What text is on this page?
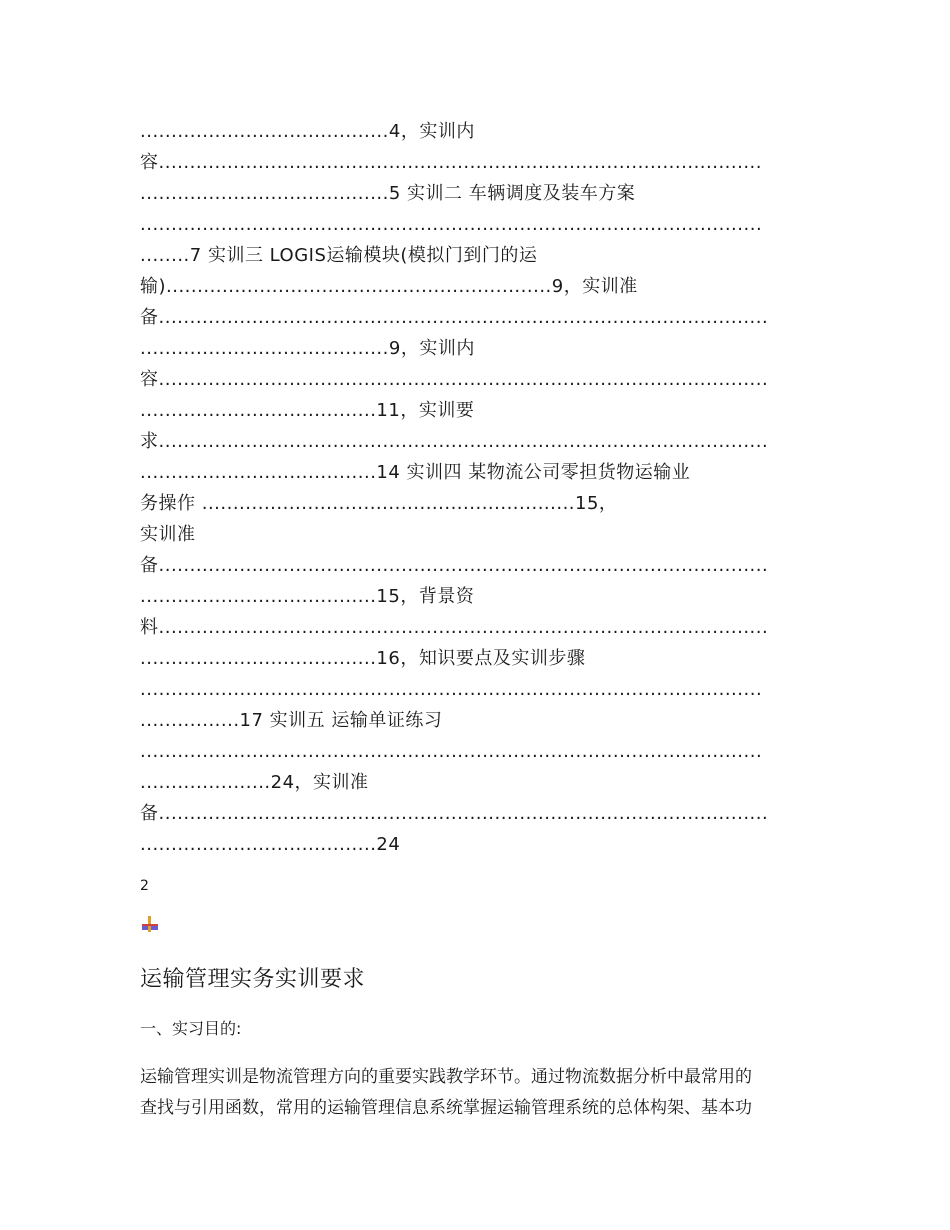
........................................4，实训内
容.................................................................................................
........................................5 实训二 车辆调度及装车方案
....................................................................................................
........7 实训三 LOGIS运输模块(模拟门到门的运
输)..............................................................9，实训准
备..................................................................................................
........................................9，实训内
容..................................................................................................
......................................11，实训要
求..................................................................................................
......................................14 实训四 某物流公司零担货物运输业
务操作 ............................................................15，
实训准
备..................................................................................................
......................................15，背景资
料..................................................................................................
......................................16，知识要点及实训步骤
....................................................................................................
................17 实训五 运输单证练习
....................................................................................................
.....................24，实训准
备..................................................................................................
......................................24
2
运输管理实务实训要求
一、实习目的:
运输管理实训是物流管理方向的重要实践教学环节。通过物流数据分析中最常用的
查找与引用函数，常用的运输管理信息系统掌握运输管理系统的总体构架、基本功
